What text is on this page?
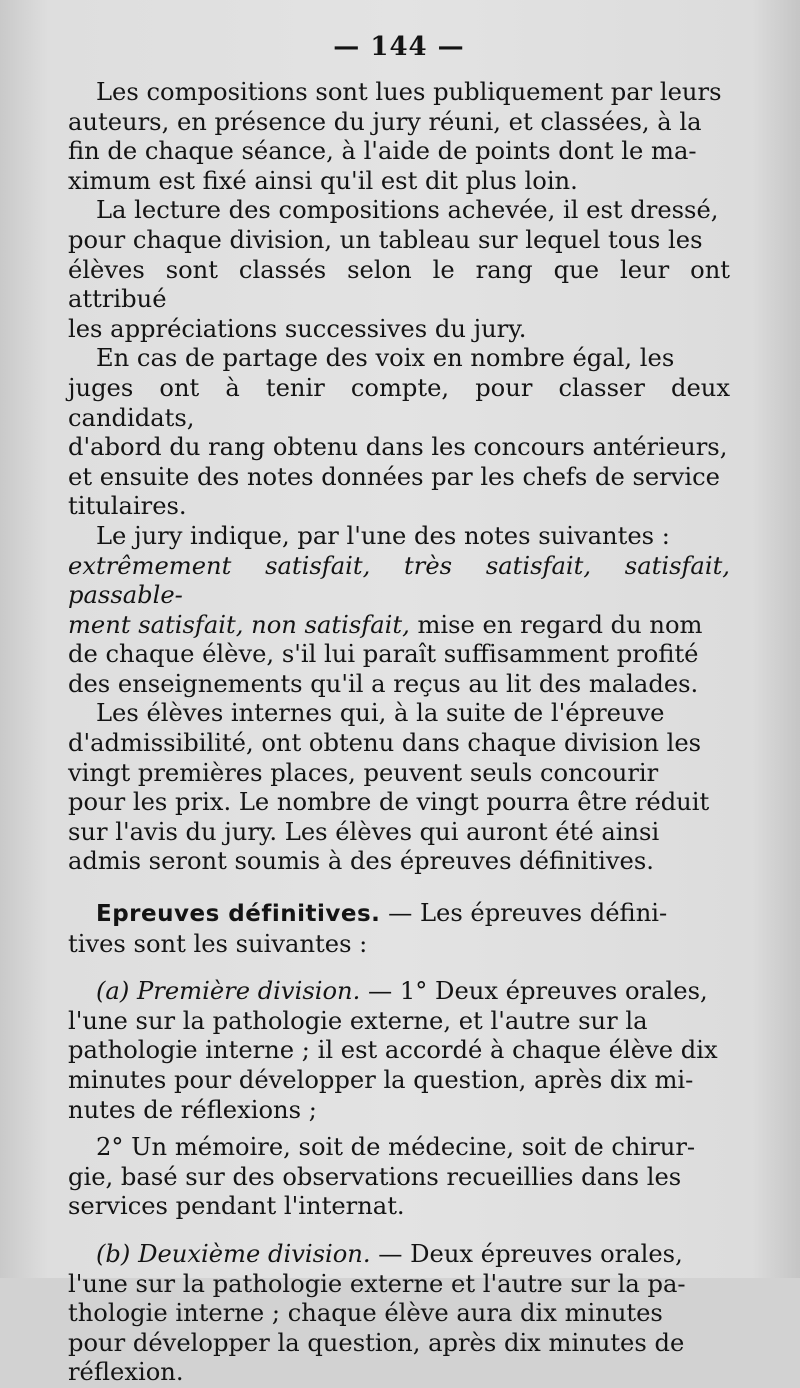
— 144 —

Les compositions sont lues publiquement par leurs
auteurs, en présence du jury réuni, et classées, à la
fin de chaque séance, à l'aide de points dont le ma-
ximum est fixé ainsi qu'il est dit plus loin.

La lecture des compositions achevée, il est dressé,
pour chaque division, un tableau sur lequel tous les
élèves sont classés selon le rang que leur ont attribué
les appréciations successives du jury.

En cas de partage des voix en nombre égal, les
juges ont à tenir compte, pour classer deux candidats,
d'abord du rang obtenu dans les concours antérieurs,
et ensuite des notes données par les chefs de service
titulaires.

Le jury indique, par l'une des notes suivantes :
extrêmement satisfait, très satisfait, satisfait, passable-
ment satisfait, non satisfait, mise en regard du nom
de chaque élève, s'il lui paraît suffisamment profité
des enseignements qu'il a reçus au lit des malades.

Les élèves internes qui, à la suite de l'épreuve
d'admissibilité, ont obtenu dans chaque division les
vingt premières places, peuvent seuls concourir
pour les prix. Le nombre de vingt pourra être réduit
sur l'avis du jury. Les élèves qui auront été ainsi
admis seront soumis à des épreuves définitives.

Epreuves définitives. — Les épreuves défini-
tives sont les suivantes :

(a) Première division. — 1° Deux épreuves orales,
l'une sur la pathologie externe, et l'autre sur la
pathologie interne ; il est accordé à chaque élève dix
minutes pour développer la question, après dix mi-
nutes de réflexions ;

2° Un mémoire, soit de médecine, soit de chirur-
gie, basé sur des observations recueillies dans les
services pendant l'internat.

(b) Deuxième division. — Deux épreuves orales,
l'une sur la pathologie externe et l'autre sur la pa-
thologie interne ; chaque élève aura dix minutes
pour développer la question, après dix minutes de
réflexion.
